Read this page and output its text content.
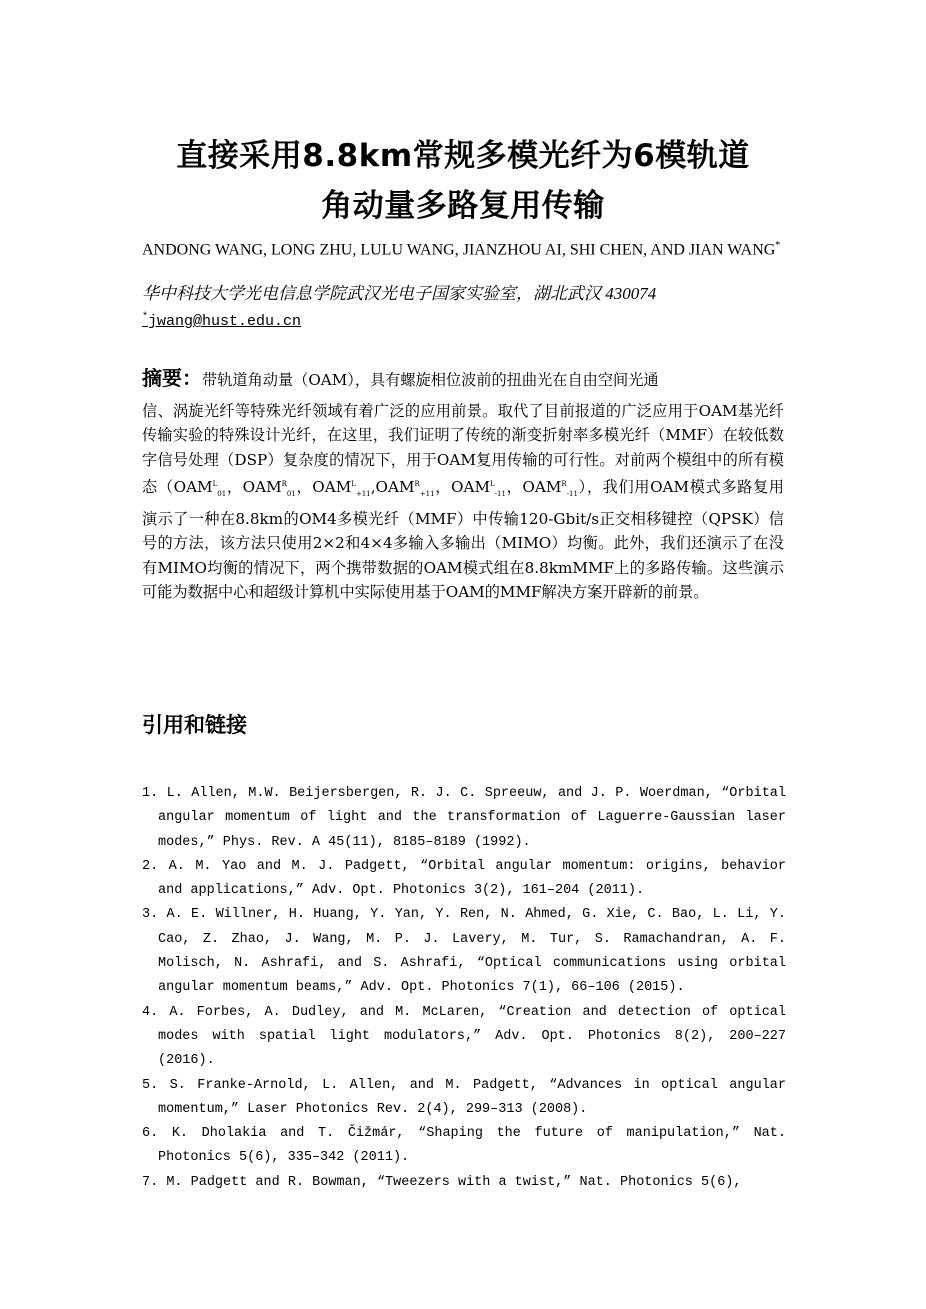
直接采用8.8km常规多模光纤为6模轨道
角动量多路复用传输
ANDONG WANG, LONG ZHU, LULU WANG, JIANZHOU AI, SHI CHEN, AND JIAN WANG*
华中科技大学光电信息学院武汉光电子国家实验室，湖北武汉 430074
*jwang@hust.edu.cn
摘要：带轨道角动量（OAM），具有螺旋相位波前的扭曲光在自由空间光通
信、涡旋光纤等特殊光纤领域有着广泛的应用前景。取代了目前报道的广泛应用于OAM基光纤传输实验的特殊设计光纤，在这里，我们证明了传统的渐变折射率多模光纤（MMF）在较低数字信号处理（DSP）复杂度的情况下，用于OAM复用传输的可行性。对前两个模组中的所有模态（$OAM^L_{01}$，$OAM^R_{01}$，$OAM^L_{+11},OAM^R_{+11}$，$OAM^L_{-11}$，$OAM^R_{-11}$），我们用OAM模式多路复用演示了一种在8.8km的OM4多模光纤（MMF）中传输120-Gbit/s正交相移键控（QPSK）信号的方法，该方法只使用2×2和4×4多输入多输出（MIMO）均衡。此外，我们还演示了在没有MIMO均衡的情况下，两个携带数据的OAM模式组在8.8kmMMF上的多路传输。这些演示可能为数据中心和超级计算机中实际使用基于OAM的MMF解决方案开辟新的前景。
引用和链接
1. L. Allen, M.W. Beijersbergen, R. J. C. Spreeuw, and J. P. Woerdman, “Orbital angular momentum of light and the transformation of Laguerre-Gaussian laser modes,” Phys. Rev. A 45(11), 8185–8189 (1992).
2. A. M. Yao and M. J. Padgett, “Orbital angular momentum: origins, behavior and applications,” Adv. Opt. Photonics 3(2), 161–204 (2011).
3. A. E. Willner, H. Huang, Y. Yan, Y. Ren, N. Ahmed, G. Xie, C. Bao, L. Li, Y. Cao, Z. Zhao, J. Wang, M. P. J. Lavery, M. Tur, S. Ramachandran, A. F. Molisch, N. Ashrafi, and S. Ashrafi, “Optical communications using orbital angular momentum beams,” Adv. Opt. Photonics 7(1), 66–106 (2015).
4. A. Forbes, A. Dudley, and M. McLaren, “Creation and detection of optical modes with spatial light modulators,” Adv. Opt. Photonics 8(2), 200–227 (2016).
5. S. Franke-Arnold, L. Allen, and M. Padgett, “Advances in optical angular momentum,” Laser Photonics Rev. 2(4), 299–313 (2008).
6. K. Dholakia and T. Čižmár, “Shaping the future of manipulation,” Nat. Photonics 5(6), 335–342 (2011).
7. M. Padgett and R. Bowman, “Tweezers with a twist,” Nat. Photonics 5(6),
